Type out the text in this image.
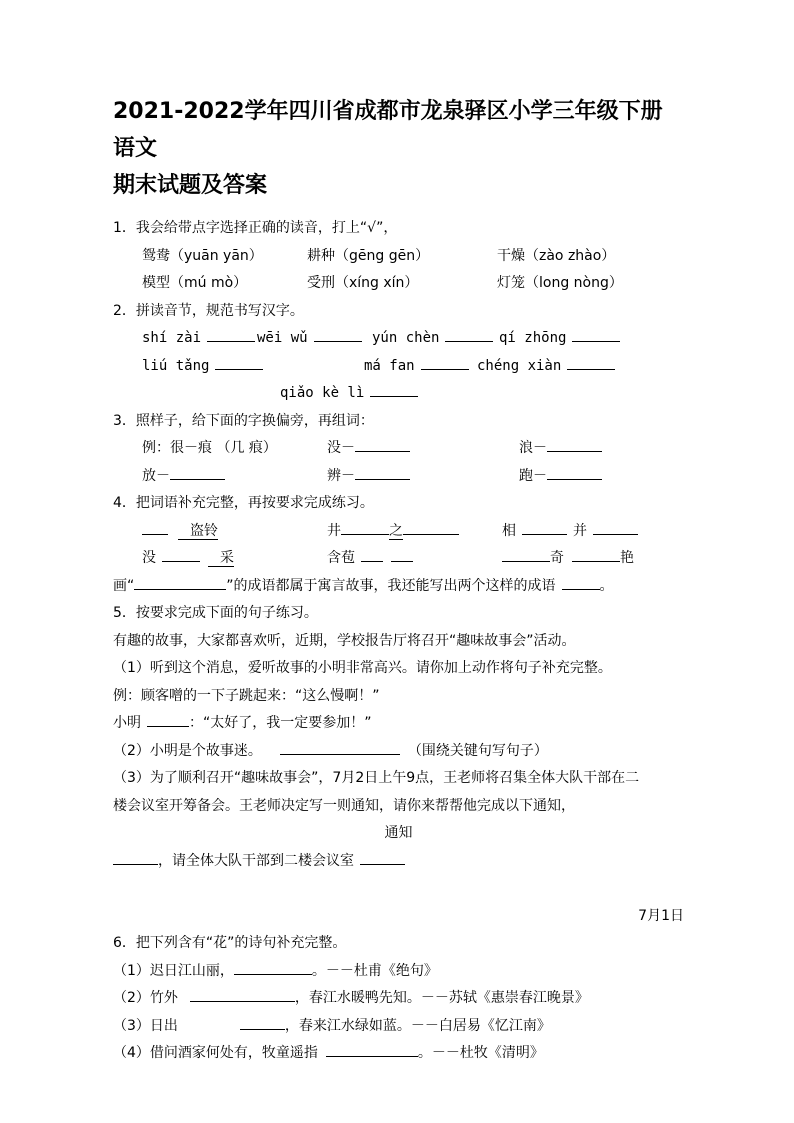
2021-2022学年四川省成都市龙泉驿区小学三年级下册语文
期末试题及答案
1．我会给带点字选择正确的读音，打上“√”，
鸳鸯（yuān yān）	耕种（gēng gēn）	干燥（zào zhào）
模型（mú mò）	受刑（xíng xín）	灯笼（long nòng）
2．拼读音节，规范书写汉字。
shí zài	wēi wǔ	yún chèn	qí zhōng
liú tǎng	má fan	chéng xiàn
qiǎo kè lì
3．照样子，给下面的字换偏旁，再组词：
例：很－痕 （几 痕）	没－	浪－
放－	辨－	跑－
4．把词语补充完整，再按要求完成练习。
盗铃	井	之	相	并
没	采	含苞	奇	艳
画“	”的成语都属于寓言故事，我还能写出两个这样的成语	。
5．按要求完成下面的句子练习。
有趣的故事，大家都喜欢听，近期，学校报告厅将召开“趣味故事会”活动。
（1）听到这个消息，爱听故事的小明非常高兴。请你加上动作将句子补充完整。
例：顾客噌的一下子跳起来：“这么慢啊！”
小明	：“太好了，我一定要参加！”
（2）小明是个故事迷。	（围绕关键句写句子）
（3）为了顺利召开“趣味故事会”，7月2日上午9点，王老师将召集全体大队干部在二
楼会议室开筹备会。王老师决定写一则通知，请你来帮帮他完成以下通知，
通知
，请全体大队干部到二楼会议室
7月1日
6．把下列含有“花”的诗句补充完整。
（1）迟日江山丽，	。－－杜甫《绝句》
（2）竹外	，春江水暖鸭先知。－－苏轼《惠崇春江晚景》
（3）日出	，春来江水绿如蓝。－－白居易《忆江南》
（4）借问酒家何处有，牧童遥指	。－－杜牧《清明》
